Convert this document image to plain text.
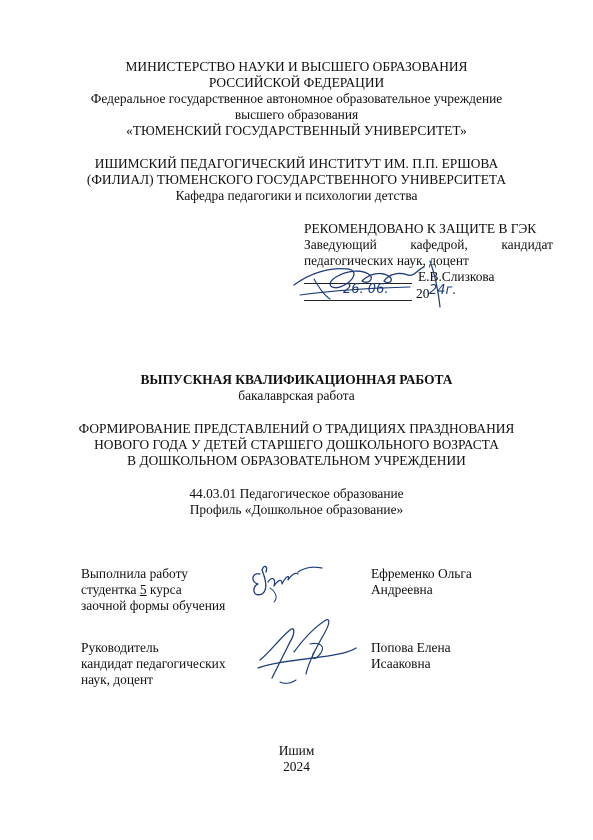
МИНИСТЕРСТВО НАУКИ И ВЫСШЕГО ОБРАЗОВАНИЯ
РОССИЙСКОЙ ФЕДЕРАЦИИ
Федеральное государственное автономное образовательное учреждение
высшего образования
«ТЮМЕНСКИЙ ГОСУДАРСТВЕННЫЙ УНИВЕРСИТЕТ»
ИШИМСКИЙ ПЕДАГОГИЧЕСКИЙ ИНСТИТУТ ИМ. П.П. ЕРШОВА
(ФИЛИАЛ) ТЮМЕНСКОГО ГОСУДАРСТВЕННОГО УНИВЕРСИТЕТА
Кафедра педагогики и психологии детства
РЕКОМЕНДОВАНО К ЗАЩИТЕ В ГЭК
Заведующий	кафедрой,	кандидат
педагогических наук, доцент
Е.В.Слизкова
26. 06. 20 24г.
ВЫПУСКНАЯ КВАЛИФИКАЦИОННАЯ РАБОТА
бакалаврская работа
ФОРМИРОВАНИЕ ПРЕДСТАВЛЕНИЙ О ТРАДИЦИЯХ ПРАЗДНОВАНИЯ
НОВОГО ГОДА У ДЕТЕЙ СТАРШЕГО ДОШКОЛЬНОГО ВОЗРАСТА
В ДОШКОЛЬНОМ ОБРАЗОВАТЕЛЬНОМ УЧРЕЖДЕНИИ
44.03.01 Педагогическое образование
Профиль «Дошкольное образование»
Выполнила работу
студентка 5 курса
заочной формы обучения
Ефременко Ольга
Андреевна
Руководитель
кандидат педагогических
наук, доцент
Попова Елена
Исааковна
Ишим
2024
